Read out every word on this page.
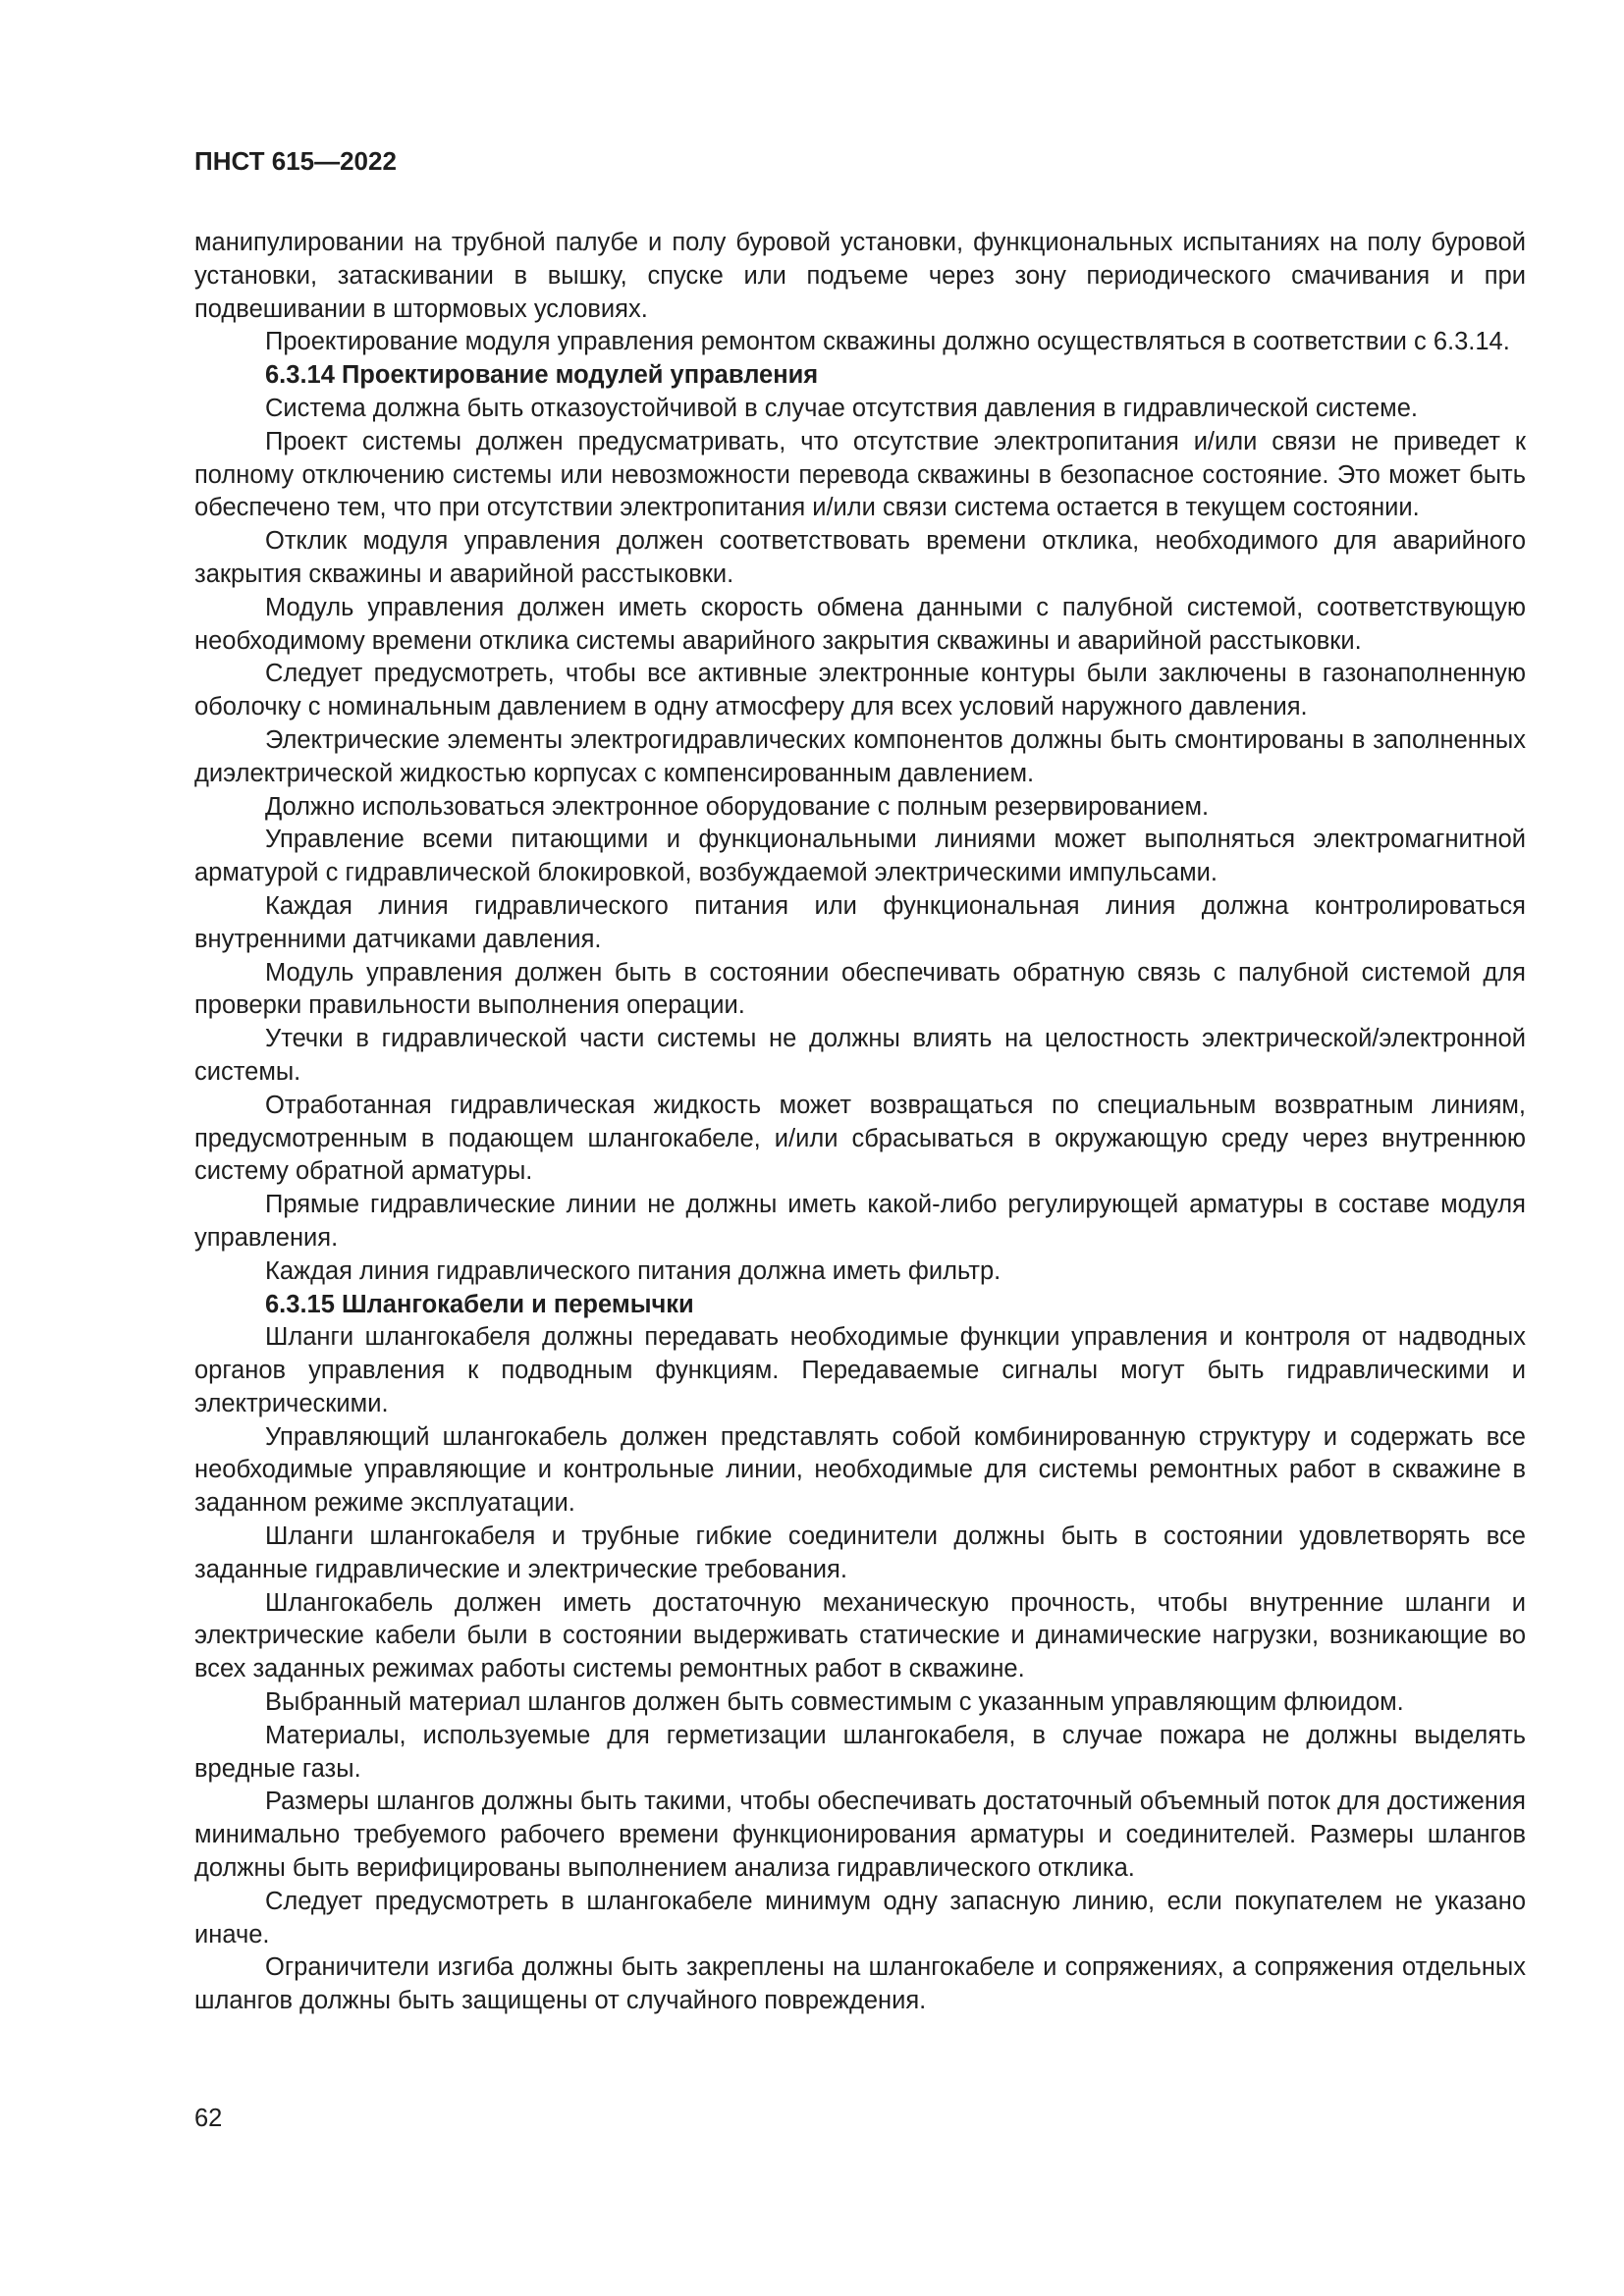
ПНСТ 615—2022

манипулировании на трубной палубе и полу буровой установки, функциональных испытаниях на полу буровой установки, затаскивании в вышку, спуске или подъеме через зону периодического смачивания и при подвешивании в штормовых условиях.

Проектирование модуля управления ремонтом скважины должно осуществляться в соответствии с 6.3.14.

6.3.14 Проектирование модулей управления

Система должна быть отказоустойчивой в случае отсутствия давления в гидравлической системе.

Проект системы должен предусматривать, что отсутствие электропитания и/или связи не приведет к полному отключению системы или невозможности перевода скважины в безопасное состояние. Это может быть обеспечено тем, что при отсутствии электропитания и/или связи система остается в текущем состоянии.

Отклик модуля управления должен соответствовать времени отклика, необходимого для аварийного закрытия скважины и аварийной расстыковки.

Модуль управления должен иметь скорость обмена данными с палубной системой, соответствующую необходимому времени отклика системы аварийного закрытия скважины и аварийной расстыковки.

Следует предусмотреть, чтобы все активные электронные контуры были заключены в газонаполненную оболочку с номинальным давлением в одну атмосферу для всех условий наружного давления.

Электрические элементы электрогидравлических компонентов должны быть смонтированы в заполненных диэлектрической жидкостью корпусах с компенсированным давлением.

Должно использоваться электронное оборудование с полным резервированием.

Управление всеми питающими и функциональными линиями может выполняться электромагнитной арматурой с гидравлической блокировкой, возбуждаемой электрическими импульсами.

Каждая линия гидравлического питания или функциональная линия должна контролироваться внутренними датчиками давления.

Модуль управления должен быть в состоянии обеспечивать обратную связь с палубной системой для проверки правильности выполнения операции.

Утечки в гидравлической части системы не должны влиять на целостность электрической/электронной системы.

Отработанная гидравлическая жидкость может возвращаться по специальным возвратным линиям, предусмотренным в подающем шлангокабеле, и/или сбрасываться в окружающую среду через внутреннюю систему обратной арматуры.

Прямые гидравлические линии не должны иметь какой-либо регулирующей арматуры в составе модуля управления.

Каждая линия гидравлического питания должна иметь фильтр.

6.3.15 Шлангокабели и перемычки

Шланги шлангокабеля должны передавать необходимые функции управления и контроля от надводных органов управления к подводным функциям. Передаваемые сигналы могут быть гидравлическими и электрическими.

Управляющий шлангокабель должен представлять собой комбинированную структуру и содержать все необходимые управляющие и контрольные линии, необходимые для системы ремонтных работ в скважине в заданном режиме эксплуатации.

Шланги шлангокабеля и трубные гибкие соединители должны быть в состоянии удовлетворять все заданные гидравлические и электрические требования.

Шлангокабель должен иметь достаточную механическую прочность, чтобы внутренние шланги и электрические кабели были в состоянии выдерживать статические и динамические нагрузки, возникающие во всех заданных режимах работы системы ремонтных работ в скважине.

Выбранный материал шлангов должен быть совместимым с указанным управляющим флюидом.

Материалы, используемые для герметизации шлангокабеля, в случае пожара не должны выделять вредные газы.

Размеры шлангов должны быть такими, чтобы обеспечивать достаточный объемный поток для достижения минимально требуемого рабочего времени функционирования арматуры и соединителей. Размеры шлангов должны быть верифицированы выполнением анализа гидравлического отклика.

Следует предусмотреть в шлангокабеле минимум одну запасную линию, если покупателем не указано иначе.

Ограничители изгиба должны быть закреплены на шлангокабеле и сопряжениях, а сопряжения отдельных шлангов должны быть защищены от случайного повреждения.

62
